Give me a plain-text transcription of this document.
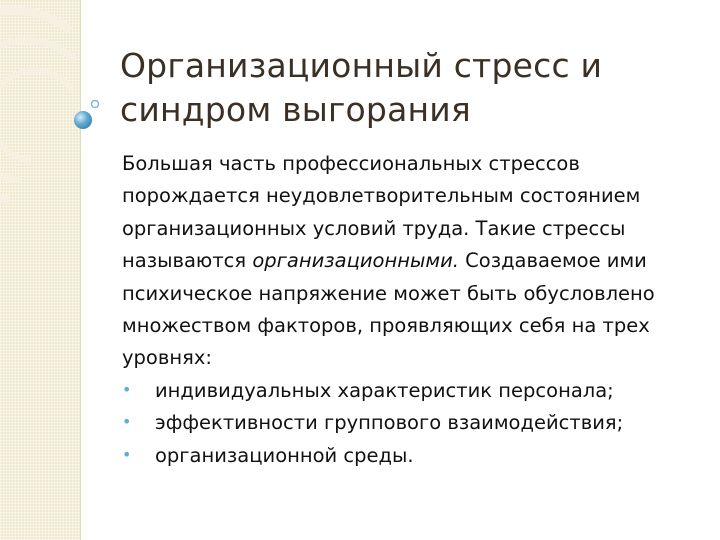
Организационный стресс и
синдром выгорания

Большая часть профессиональных стрессов порождается неудовлетворительным состоянием организационных условий труда. Такие стрессы называются организационными. Создаваемое ими психическое напряжение может быть обусловлено множеством факторов, проявляющих себя на трех уровнях:

• индивидуальных характеристик персонала;
• эффективности группового взаимодействия;
• организационной среды.
